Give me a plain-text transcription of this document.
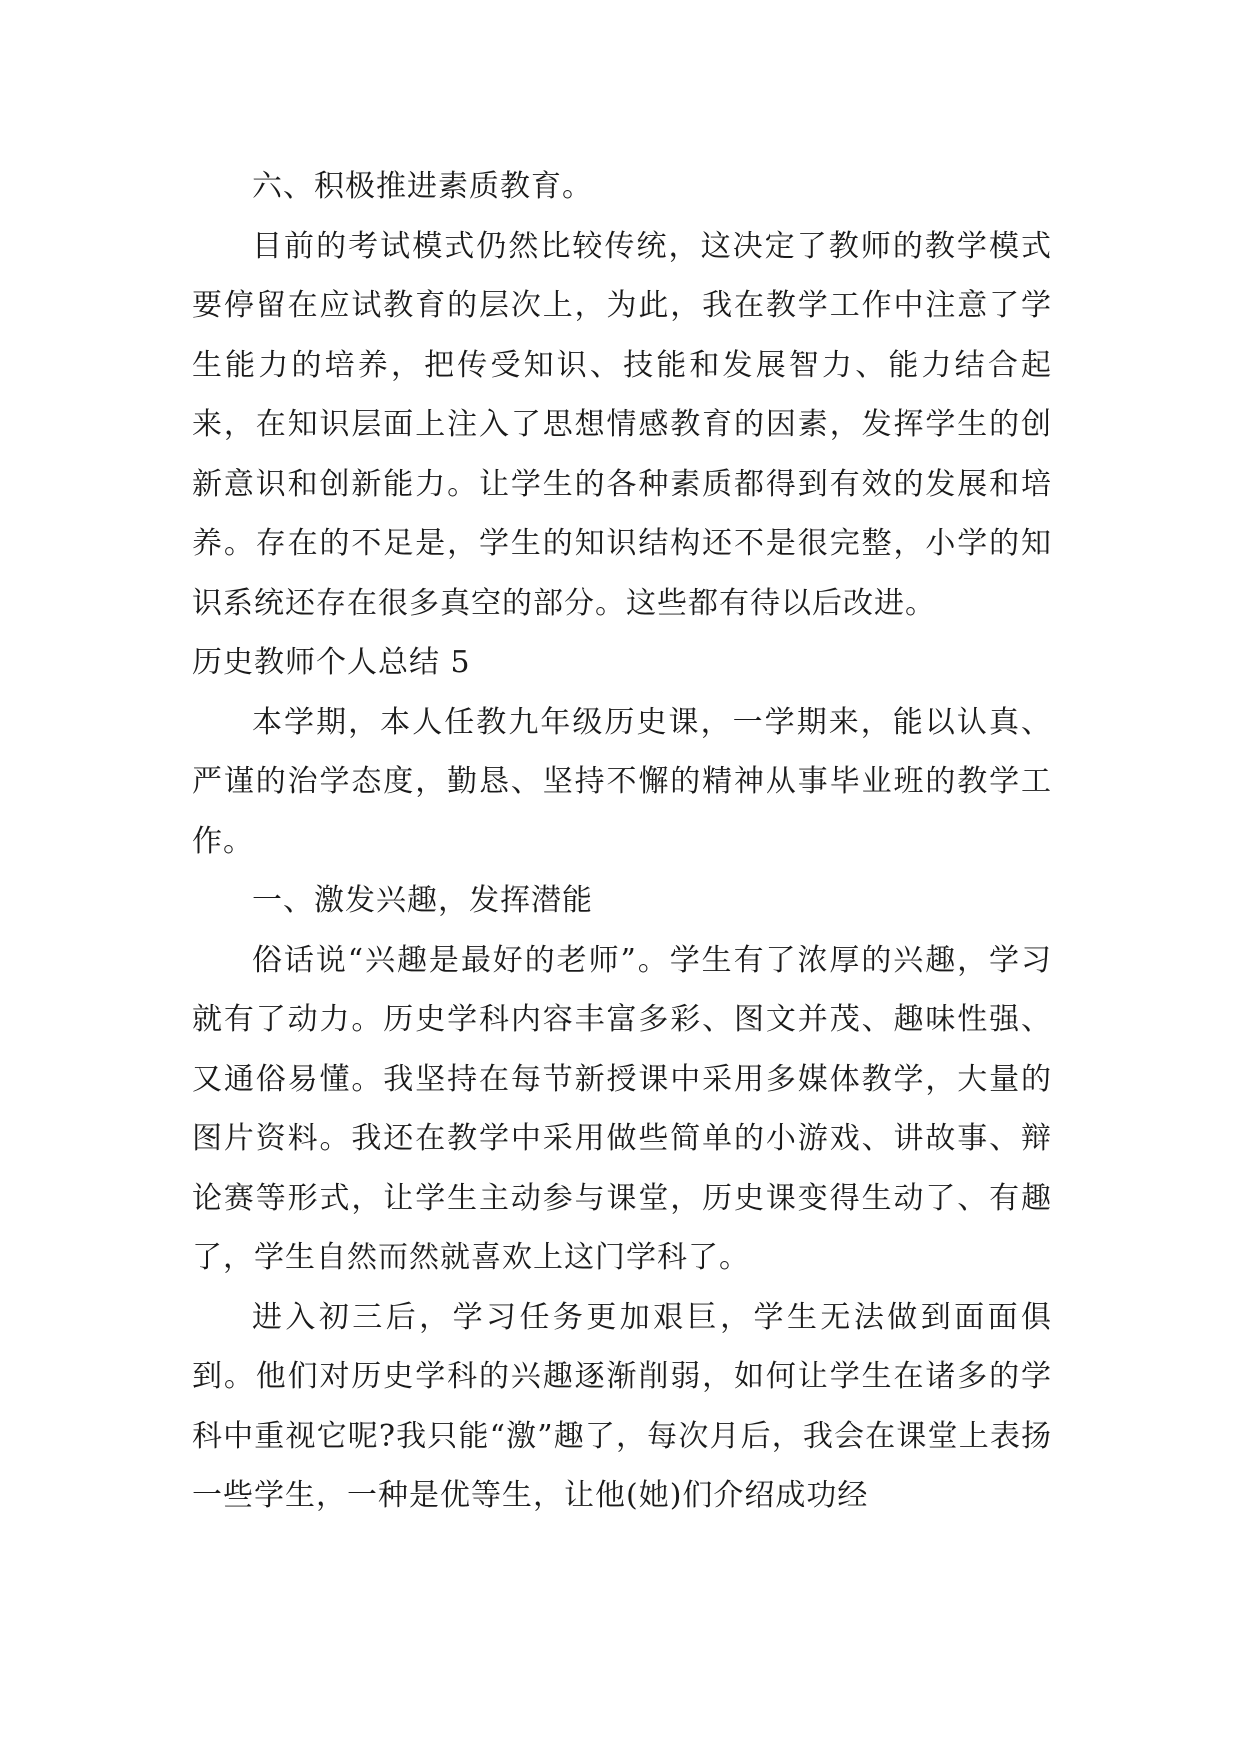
六、积极推进素质教育。

目前的考试模式仍然比较传统，这决定了教师的教学模式要停留在应试教育的层次上，为此，我在教学工作中注意了学生能力的培养，把传受知识、技能和发展智力、能力结合起来，在知识层面上注入了思想情感教育的因素，发挥学生的创新意识和创新能力。让学生的各种素质都得到有效的发展和培养。存在的不足是，学生的知识结构还不是很完整，小学的知识系统还存在很多真空的部分。这些都有待以后改进。

历史教师个人总结 5

本学期，本人任教九年级历史课，一学期来，能以认真、严谨的治学态度，勤恳、坚持不懈的精神从事毕业班的教学工作。

一、激发兴趣，发挥潜能

俗话说“兴趣是最好的老师”。学生有了浓厚的兴趣，学习就有了动力。历史学科内容丰富多彩、图文并茂、趣味性强、又通俗易懂。我坚持在每节新授课中采用多媒体教学，大量的图片资料。我还在教学中采用做些简单的小游戏、讲故事、辩论赛等形式，让学生主动参与课堂，历史课变得生动了、有趣了，学生自然而然就喜欢上这门学科了。

进入初三后，学习任务更加艰巨，学生无法做到面面俱到。他们对历史学科的兴趣逐渐削弱，如何让学生在诸多的学科中重视它呢?我只能“激”趣了，每次月后，我会在课堂上表扬一些学生，一种是优等生，让他(她)们介绍成功经
